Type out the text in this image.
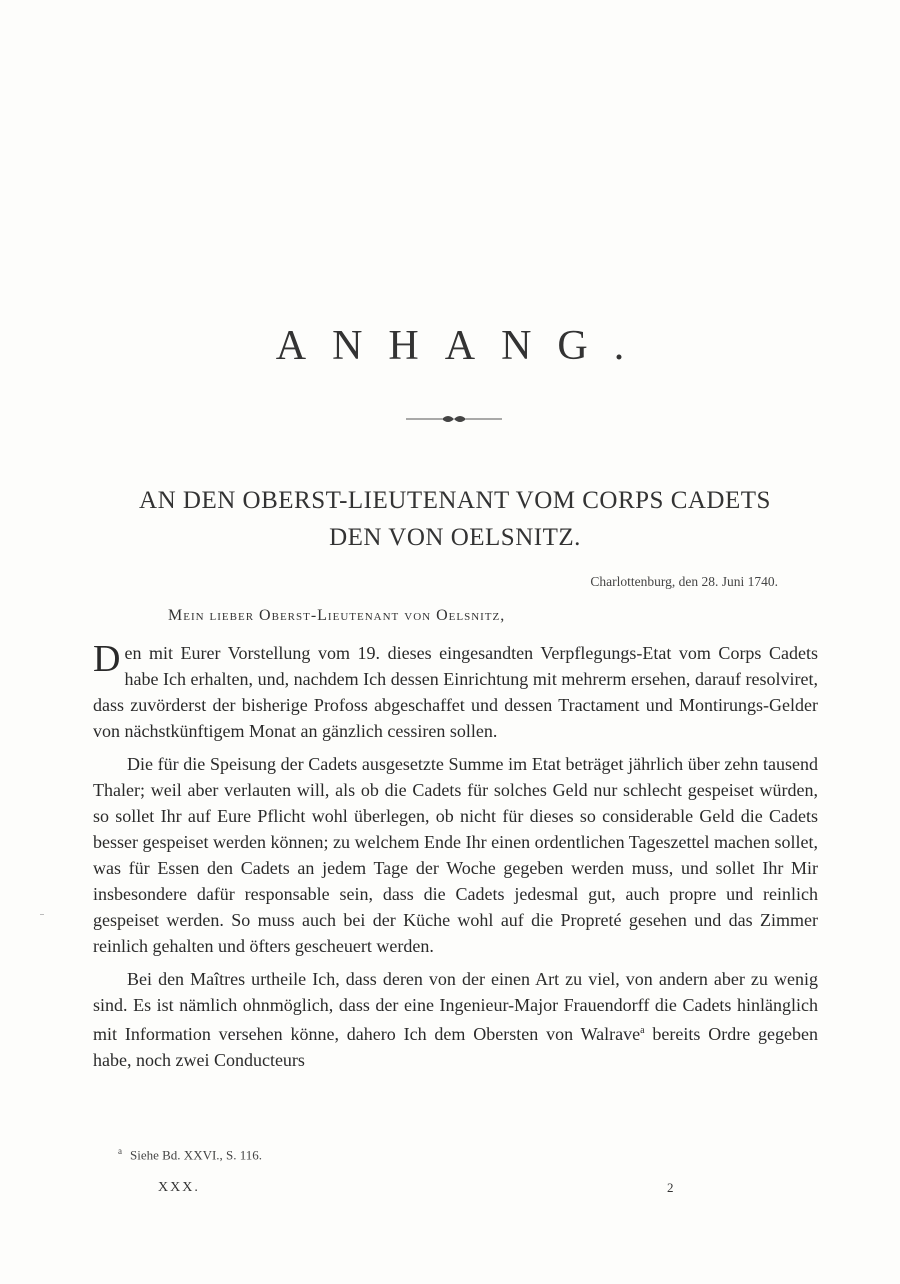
ANHANG.
AN DEN OBERST-LIEUTENANT VOM CORPS CADETS
DEN VON OELSNITZ.
Charlottenburg, den 28. Juni 1740.
Mein lieber Oberst-Lieutenant von Oelsnitz,

Den mit Eurer Vorstellung vom 19. dieses eingesandten Verpflegungs-Etat vom Corps Cadets habe Ich erhalten, und, nachdem Ich dessen Einrichtung mit mehrerm ersehen, darauf resolviret, dass zuvörderst der bisherige Profoss abgeschaffet und dessen Tractament und Montirungs-Gelder von nächstkünftigem Monat an gänzlich cessiren sollen.

Die für die Speisung der Cadets ausgesetzte Summe im Etat beträget jährlich über zehn tausend Thaler; weil aber verlauten will, als ob die Cadets für solches Geld nur schlecht gespeiset würden, so sollet Ihr auf Eure Pflicht wohl überlegen, ob nicht für dieses so considerable Geld die Cadets besser gespeiset werden können; zu welchem Ende Ihr einen ordentlichen Tageszettel machen sollet, was für Essen den Cadets an jedem Tage der Woche gegeben werden muss, und sollet Ihr Mir insbesondere dafür responsable sein, dass die Cadets jedesmal gut, auch propre und reinlich gespeiset werden. So muss auch bei der Küche wohl auf die Propreté gesehen und das Zimmer reinlich gehalten und öfters gescheuert werden.

Bei den Maîtres urtheile Ich, dass deren von der einen Art zu viel, von andern aber zu wenig sind. Es ist nämlich ohnmöglich, dass der eine Ingenieur-Major Frauendorff die Cadets hinlänglich mit Information versehen könne, dahero Ich dem Obersten von Walrave$^a$ bereits Ordre gegeben habe, noch zwei Conducteurs

$^a$ Siehe Bd. XXVI., S. 116.
XXX.	2
